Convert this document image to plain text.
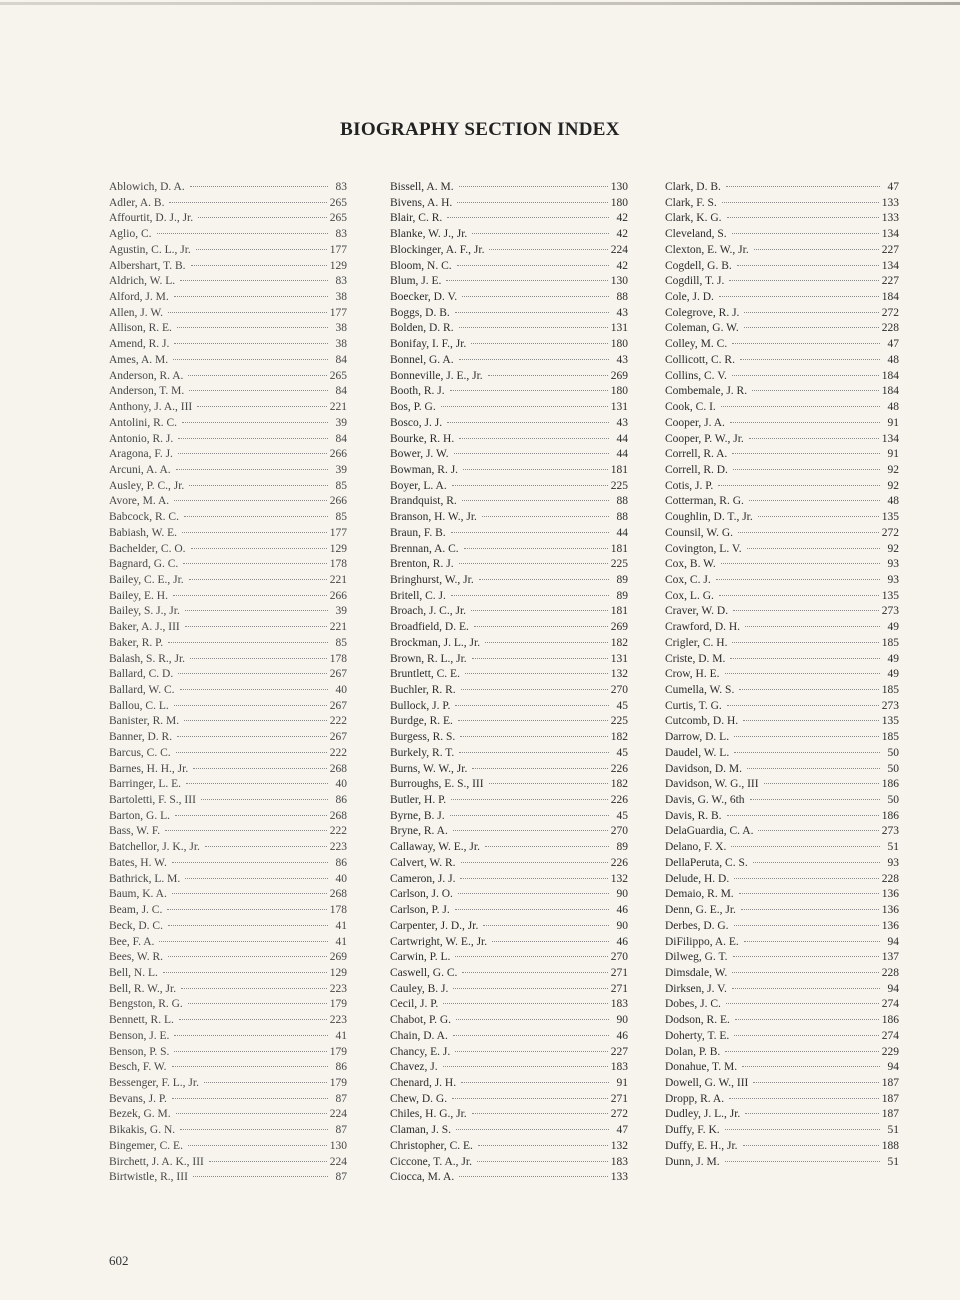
BIOGRAPHY SECTION INDEX
Ablowich, D. A.	83
Adler, A. B.	265
Affourtit, D. J., Jr.	265
Aglio, C.	83
Agustin, C. L., Jr.	177
Albershart, T. B.	129
Aldrich, W. L.	83
Alford, J. M.	38
Allen, J. W.	177
Allison, R. E.	38
Amend, R. J.	38
Ames, A. M.	84
Anderson, R. A.	265
Anderson, T. M.	84
Anthony, J. A., III	221
Antolini, R. C.	39
Antonio, R. J.	84
Aragona, F. J.	266
Arcuni, A. A.	39
Ausley, P. C., Jr.	85
Avore, M. A.	266
Babcock, R. C.	85
Babiash, W. E.	177
Bachelder, C. O.	129
Bagnard, G. C.	178
Bailey, C. E., Jr.	221
Bailey, E. H.	266
Bailey, S. J., Jr.	39
Baker, A. J., III	221
Baker, R. P.	85
Balash, S. R., Jr.	178
Ballard, C. D.	267
Ballard, W. C.	40
Ballou, C. L.	267
Banister, R. M.	222
Banner, D. R.	267
Barcus, C. C.	222
Barnes, H. H., Jr.	268
Barringer, L. E.	40
Bartoletti, F. S., III	86
Barton, G. L.	268
Bass, W. F.	222
Batchellor, J. K., Jr.	223
Bates, H. W.	86
Bathrick, L. M.	40
Baum, K. A.	268
Beam, J. C.	178
Beck, D. C.	41
Bee, F. A.	41
Bees, W. R.	269
Bell, N. L.	129
Bell, R. W., Jr.	223
Bengston, R. G.	179
Bennett, R. L.	223
Benson, J. E.	41
Benson, P. S.	179
Besch, F. W.	86
Bessenger, F. L., Jr.	179
Bevans, J. P.	87
Bezek, G. M.	224
Bikakis, G. N.	87
Bingemer, C. E.	130
Birchett, J. A. K., III	224
Birtwistle, R., III	87
Bissell, A. M.	130
Bivens, A. H.	180
Blair, C. R.	42
Blanke, W. J., Jr.	42
Blockinger, A. F., Jr.	224
Bloom, N. C.	42
Blum, J. E.	130
Boecker, D. V.	88
Boggs, D. B.	43
Bolden, D. R.	131
Bonifay, I. F., Jr.	180
Bonnel, G. A.	43
Bonneville, J. E., Jr.	269
Booth, R. J.	180
Bos, P. G.	131
Bosco, J. J.	43
Bourke, R. H.	44
Bower, J. W.	44
Bowman, R. J.	181
Boyer, L. A.	225
Brandquist, R.	88
Branson, H. W., Jr.	88
Braun, F. B.	44
Brennan, A. C.	181
Brenton, R. J.	225
Bringhurst, W., Jr.	89
Britell, C. J.	89
Broach, J. C., Jr.	181
Broadfield, D. E.	269
Brockman, J. L., Jr.	182
Brown, R. L., Jr.	131
Bruntlett, C. E.	132
Buchler, R. R.	270
Bullock, J. P.	45
Burdge, R. E.	225
Burgess, R. S.	182
Burkely, R. T.	45
Burns, W. W., Jr.	226
Burroughs, E. S., III	182
Butler, H. P.	226
Byrne, B. J.	45
Bryne, R. A.	270
Callaway, W. E., Jr.	89
Calvert, W. R.	226
Cameron, J. J.	132
Carlson, J. O.	90
Carlson, P. J.	46
Carpenter, J. D., Jr.	90
Cartwright, W. E., Jr.	46
Carwin, P. L.	270
Caswell, G. C.	271
Cauley, B. J.	271
Cecil, J. P.	183
Chabot, P. G.	90
Chain, D. A.	46
Chancy, E. J.	227
Chavez, J.	183
Chenard, J. H.	91
Chew, D. G.	271
Chiles, H. G., Jr.	272
Claman, J. S.	47
Christopher, C. E.	132
Ciccone, T. A., Jr.	183
Ciocca, M. A.	133
Clark, D. B.	47
Clark, F. S.	133
Clark, K. G.	133
Cleveland, S.	134
Clexton, E. W., Jr.	227
Cogdell, G. B.	134
Cogdill, T. J.	227
Cole, J. D.	184
Colegrove, R. J.	272
Coleman, G. W.	228
Colley, M. C.	47
Collicott, C. R.	48
Collins, C. V.	184
Combemale, J. R.	184
Cook, C. I.	48
Cooper, J. A.	91
Cooper, P. W., Jr.	134
Correll, R. A.	91
Correll, R. D.	92
Cotis, J. P.	92
Cotterman, R. G.	48
Coughlin, D. T., Jr.	135
Counsil, W. G.	272
Covington, L. V.	92
Cox, B. W.	93
Cox, C. J.	93
Cox, L. G.	135
Craver, W. D.	273
Crawford, D. H.	49
Crigler, C. H.	185
Criste, D. M.	49
Crow, H. E.	49
Cumella, W. S.	185
Curtis, T. G.	273
Cutcomb, D. H.	135
Darrow, D. L.	185
Daudel, W. L.	50
Davidson, D. M.	50
Davidson, W. G., III	186
Davis, G. W., 6th	50
Davis, R. B.	186
DelaGuardia, C. A.	273
Delano, F. X.	51
DellaPeruta, C. S.	93
Delude, H. D.	228
Demaio, R. M.	136
Denn, G. E., Jr.	136
Derbes, D. G.	136
DiFilippo, A. E.	94
Dilweg, G. T.	137
Dimsdale, W.	228
Dirksen, J. V.	94
Dobes, J. C.	274
Dodson, R. E.	186
Doherty, T. E.	274
Dolan, P. B.	229
Donahue, T. M.	94
Dowell, G. W., III	187
Dropp, R. A.	187
Dudley, J. L., Jr.	187
Duffy, F. K.	51
Duffy, E. H., Jr.	188
Dunn, J. M.	51
602
